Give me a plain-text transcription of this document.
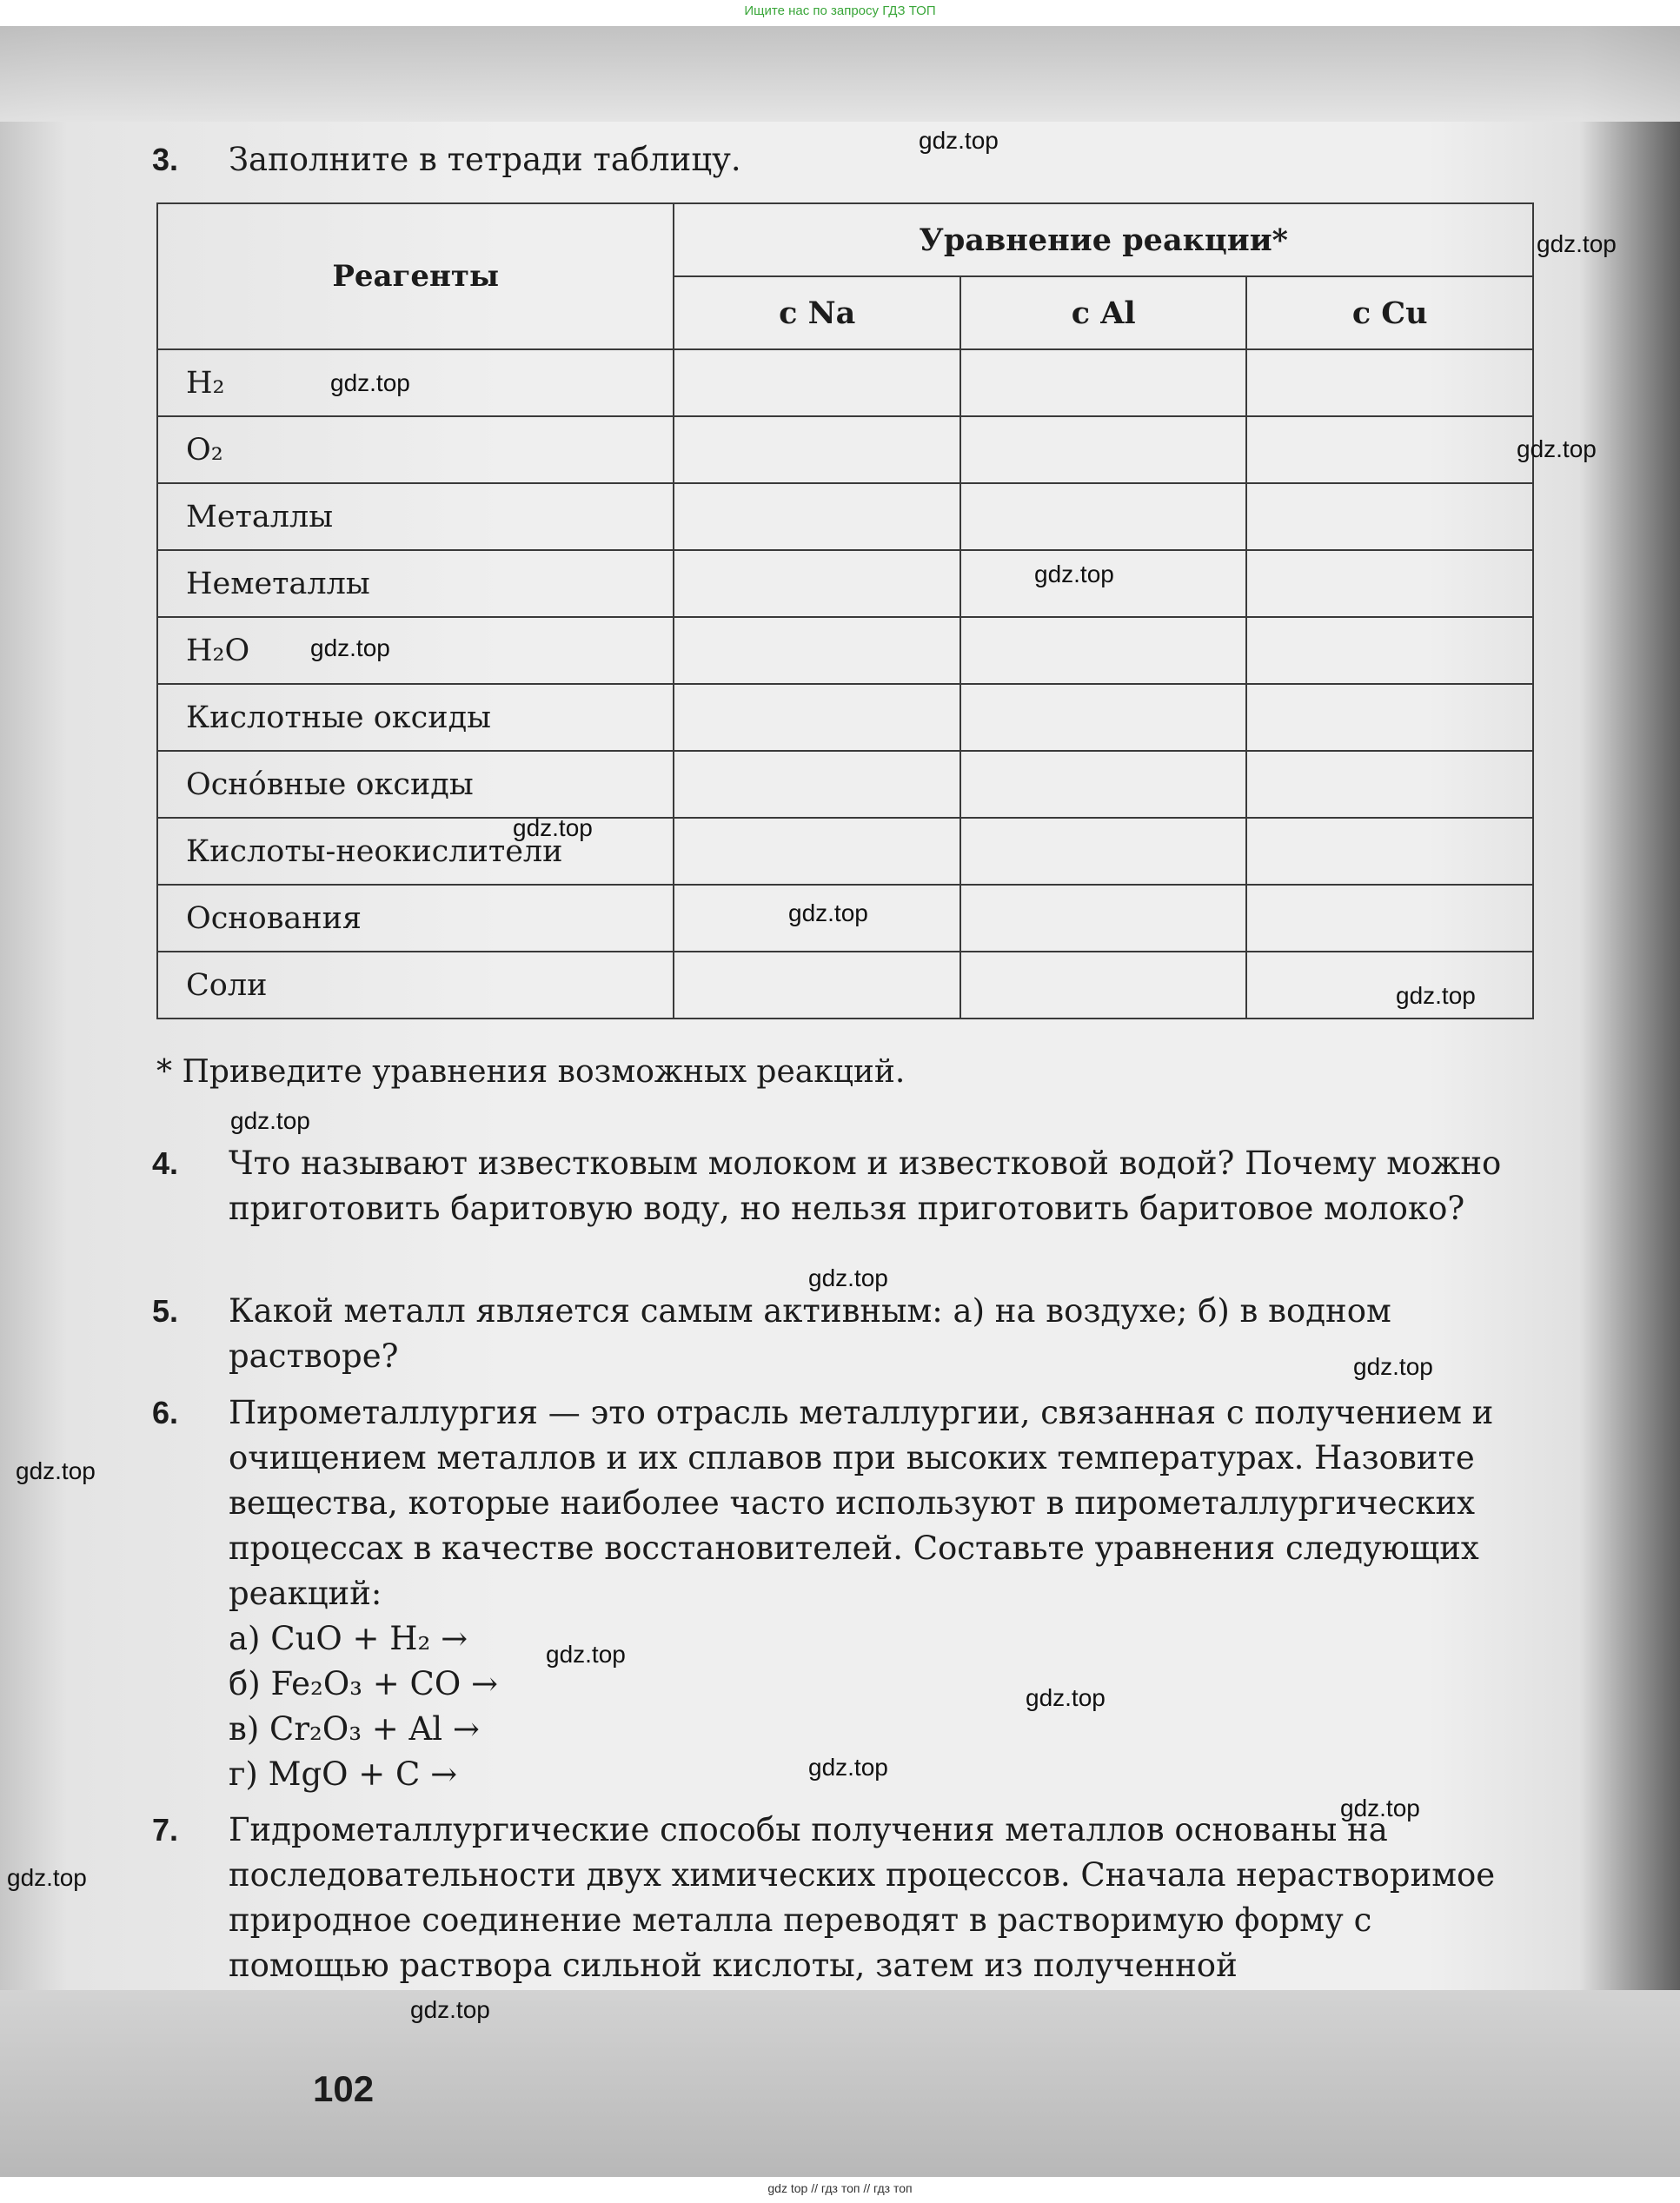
Ищите нас по запросу ГДЗ ТОП
3. Заполните в тетради таблицу.
Реагенты	Уравнение реакции*		
	с Na	с Al	с Cu
H₂			
O₂			
Металлы			
Неметаллы			
H₂O			
Кислотные оксиды			
Оснóвные оксиды			
Кислоты-неокислители			
Основания			
Соли			
* Приведите уравнения возможных реакций.
4. Что называют известковым молоком и известковой водой? Почему можно приготовить баритовую воду, но нельзя приготовить баритовое молоко?
5. Какой металл является самым активным: а) на воздухе; б) в водном растворе?
6. Пирометаллургия — это отрасль металлургии, связанная с получением и очищением металлов и их сплавов при высоких температурах. Назовите вещества, которые наиболее часто используют в пирометаллургических процессах в качестве восстановителей. Составьте уравнения следующих реакций:
а) CuO + H₂ →
б) Fe₂O₃ + CO →
в) Cr₂O₃ + Al →
г) MgO + C →
7. Гидрометаллургические способы получения металлов основаны на последовательности двух химических процессов. Сначала нерастворимое природное соединение металла переводят в растворимую форму с помощью раствора сильной кислоты, затем из полученной
102
gdz.top
gdz.top
gdz.top
gdz.top
gdz.top
gdz.top
gdz.top
gdz.top
gdz.top
gdz.top
gdz.top
gdz.top
gdz.top
gdz.top
gdz.top
gdz.top
gdz.top
gdz.top
gdz.top
gdz top // гдз топ // гдз топ
